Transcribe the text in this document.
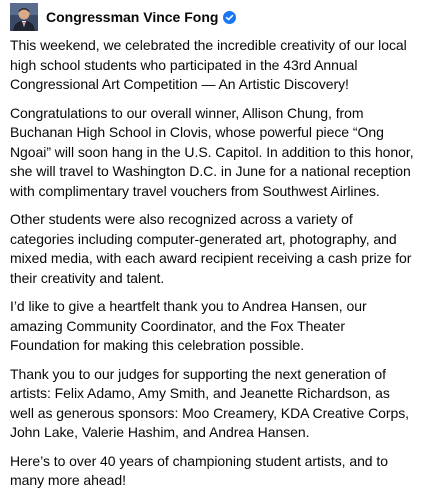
Congressman Vince Fong

This weekend, we celebrated the incredible creativity of our local high school students who participated in the 43rd Annual Congressional Art Competition — An Artistic Discovery!

Congratulations to our overall winner, Allison Chung, from Buchanan High School in Clovis, whose powerful piece “Ong Ngoai” will soon hang in the U.S. Capitol. In addition to this honor, she will travel to Washington D.C. in June for a national reception with complimentary travel vouchers from Southwest Airlines.

Other students were also recognized across a variety of categories including computer-generated art, photography, and mixed media, with each award recipient receiving a cash prize for their creativity and talent.

I’d like to give a heartfelt thank you to Andrea Hansen, our amazing Community Coordinator, and the Fox Theater Foundation for making this celebration possible.

Thank you to our judges for supporting the next generation of artists: Felix Adamo, Amy Smith, and Jeanette Richardson, as well as generous sponsors: Moo Creamery, KDA Creative Corps, John Lake, Valerie Hashim, and Andrea Hansen.

Here’s to over 40 years of championing student artists, and to many more ahead!
